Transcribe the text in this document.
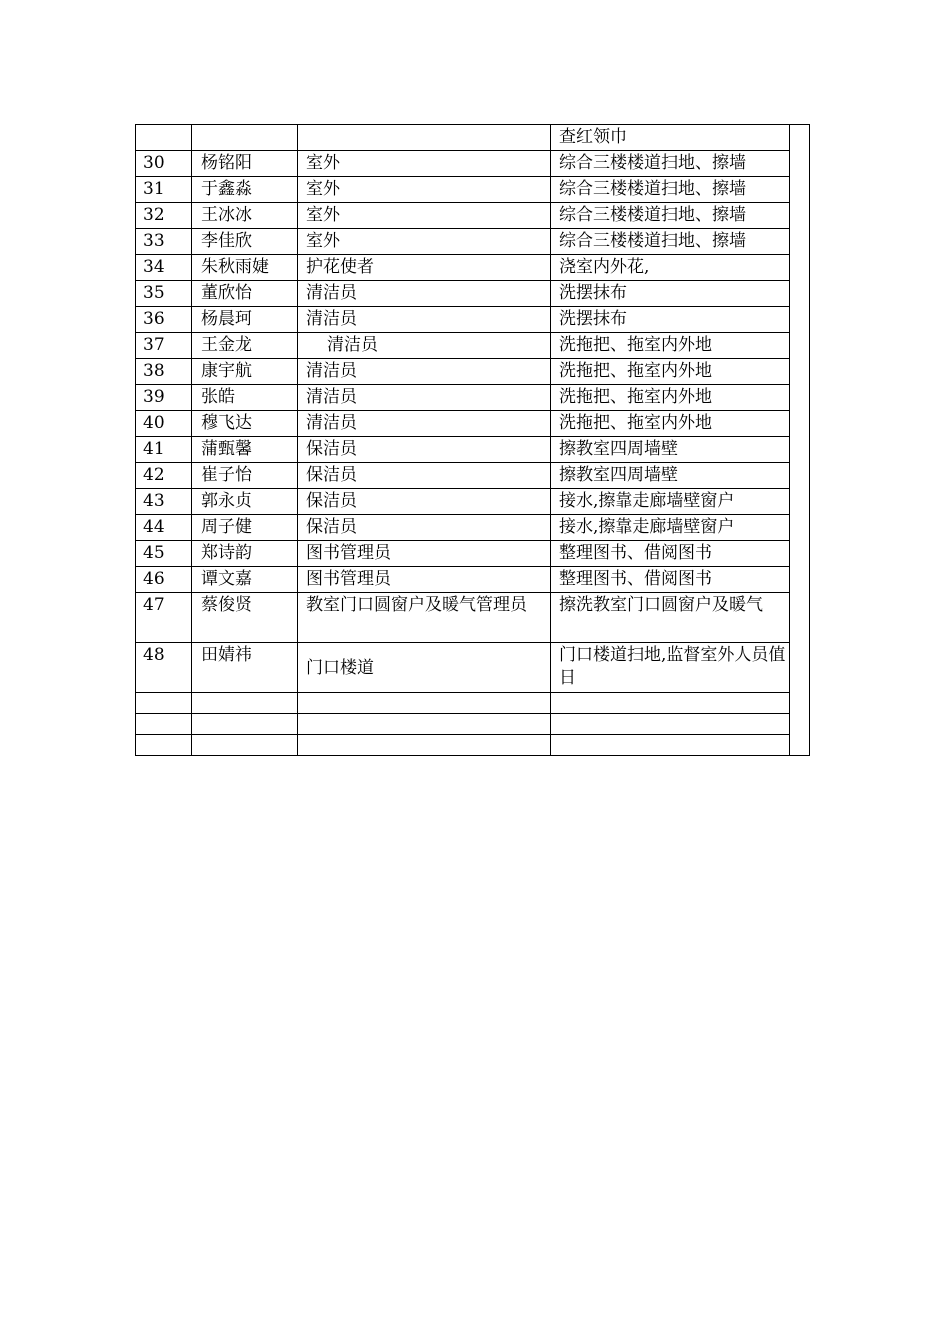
			查红领巾	
30	杨铭阳	室外	综合三楼楼道扫地、擦墙	
31	于鑫淼	室外	综合三楼楼道扫地、擦墙	
32	王冰冰	室外	综合三楼楼道扫地、擦墙	
33	李佳欣	室外	综合三楼楼道扫地、擦墙	
34	朱秋雨婕	护花使者	浇室内外花,	
35	董欣怡	清洁员	洗摆抹布	
36	杨晨珂	清洁员	洗摆抹布	
37	王金龙	清洁员	洗拖把、拖室内外地	
38	康宇航	清洁员	洗拖把、拖室内外地	
39	张皓	清洁员	洗拖把、拖室内外地	
40	穆飞达	清洁员	洗拖把、拖室内外地	
41	蒲甄馨	保洁员	擦教室四周墙壁	
42	崔子怡	保洁员	擦教室四周墙壁	
43	郭永贞	保洁员	接水,擦靠走廊墙壁窗户	
44	周子健	保洁员	接水,擦靠走廊墙壁窗户	
45	郑诗韵	图书管理员	整理图书、借阅图书	
46	谭文嘉	图书管理员	整理图书、借阅图书	
47	蔡俊贤	教室门口圆窗户及暖气管理员	擦洗教室门口圆窗户及暖气	
48	田婧祎	门口楼道	门口楼道扫地,监督室外人员值日	
